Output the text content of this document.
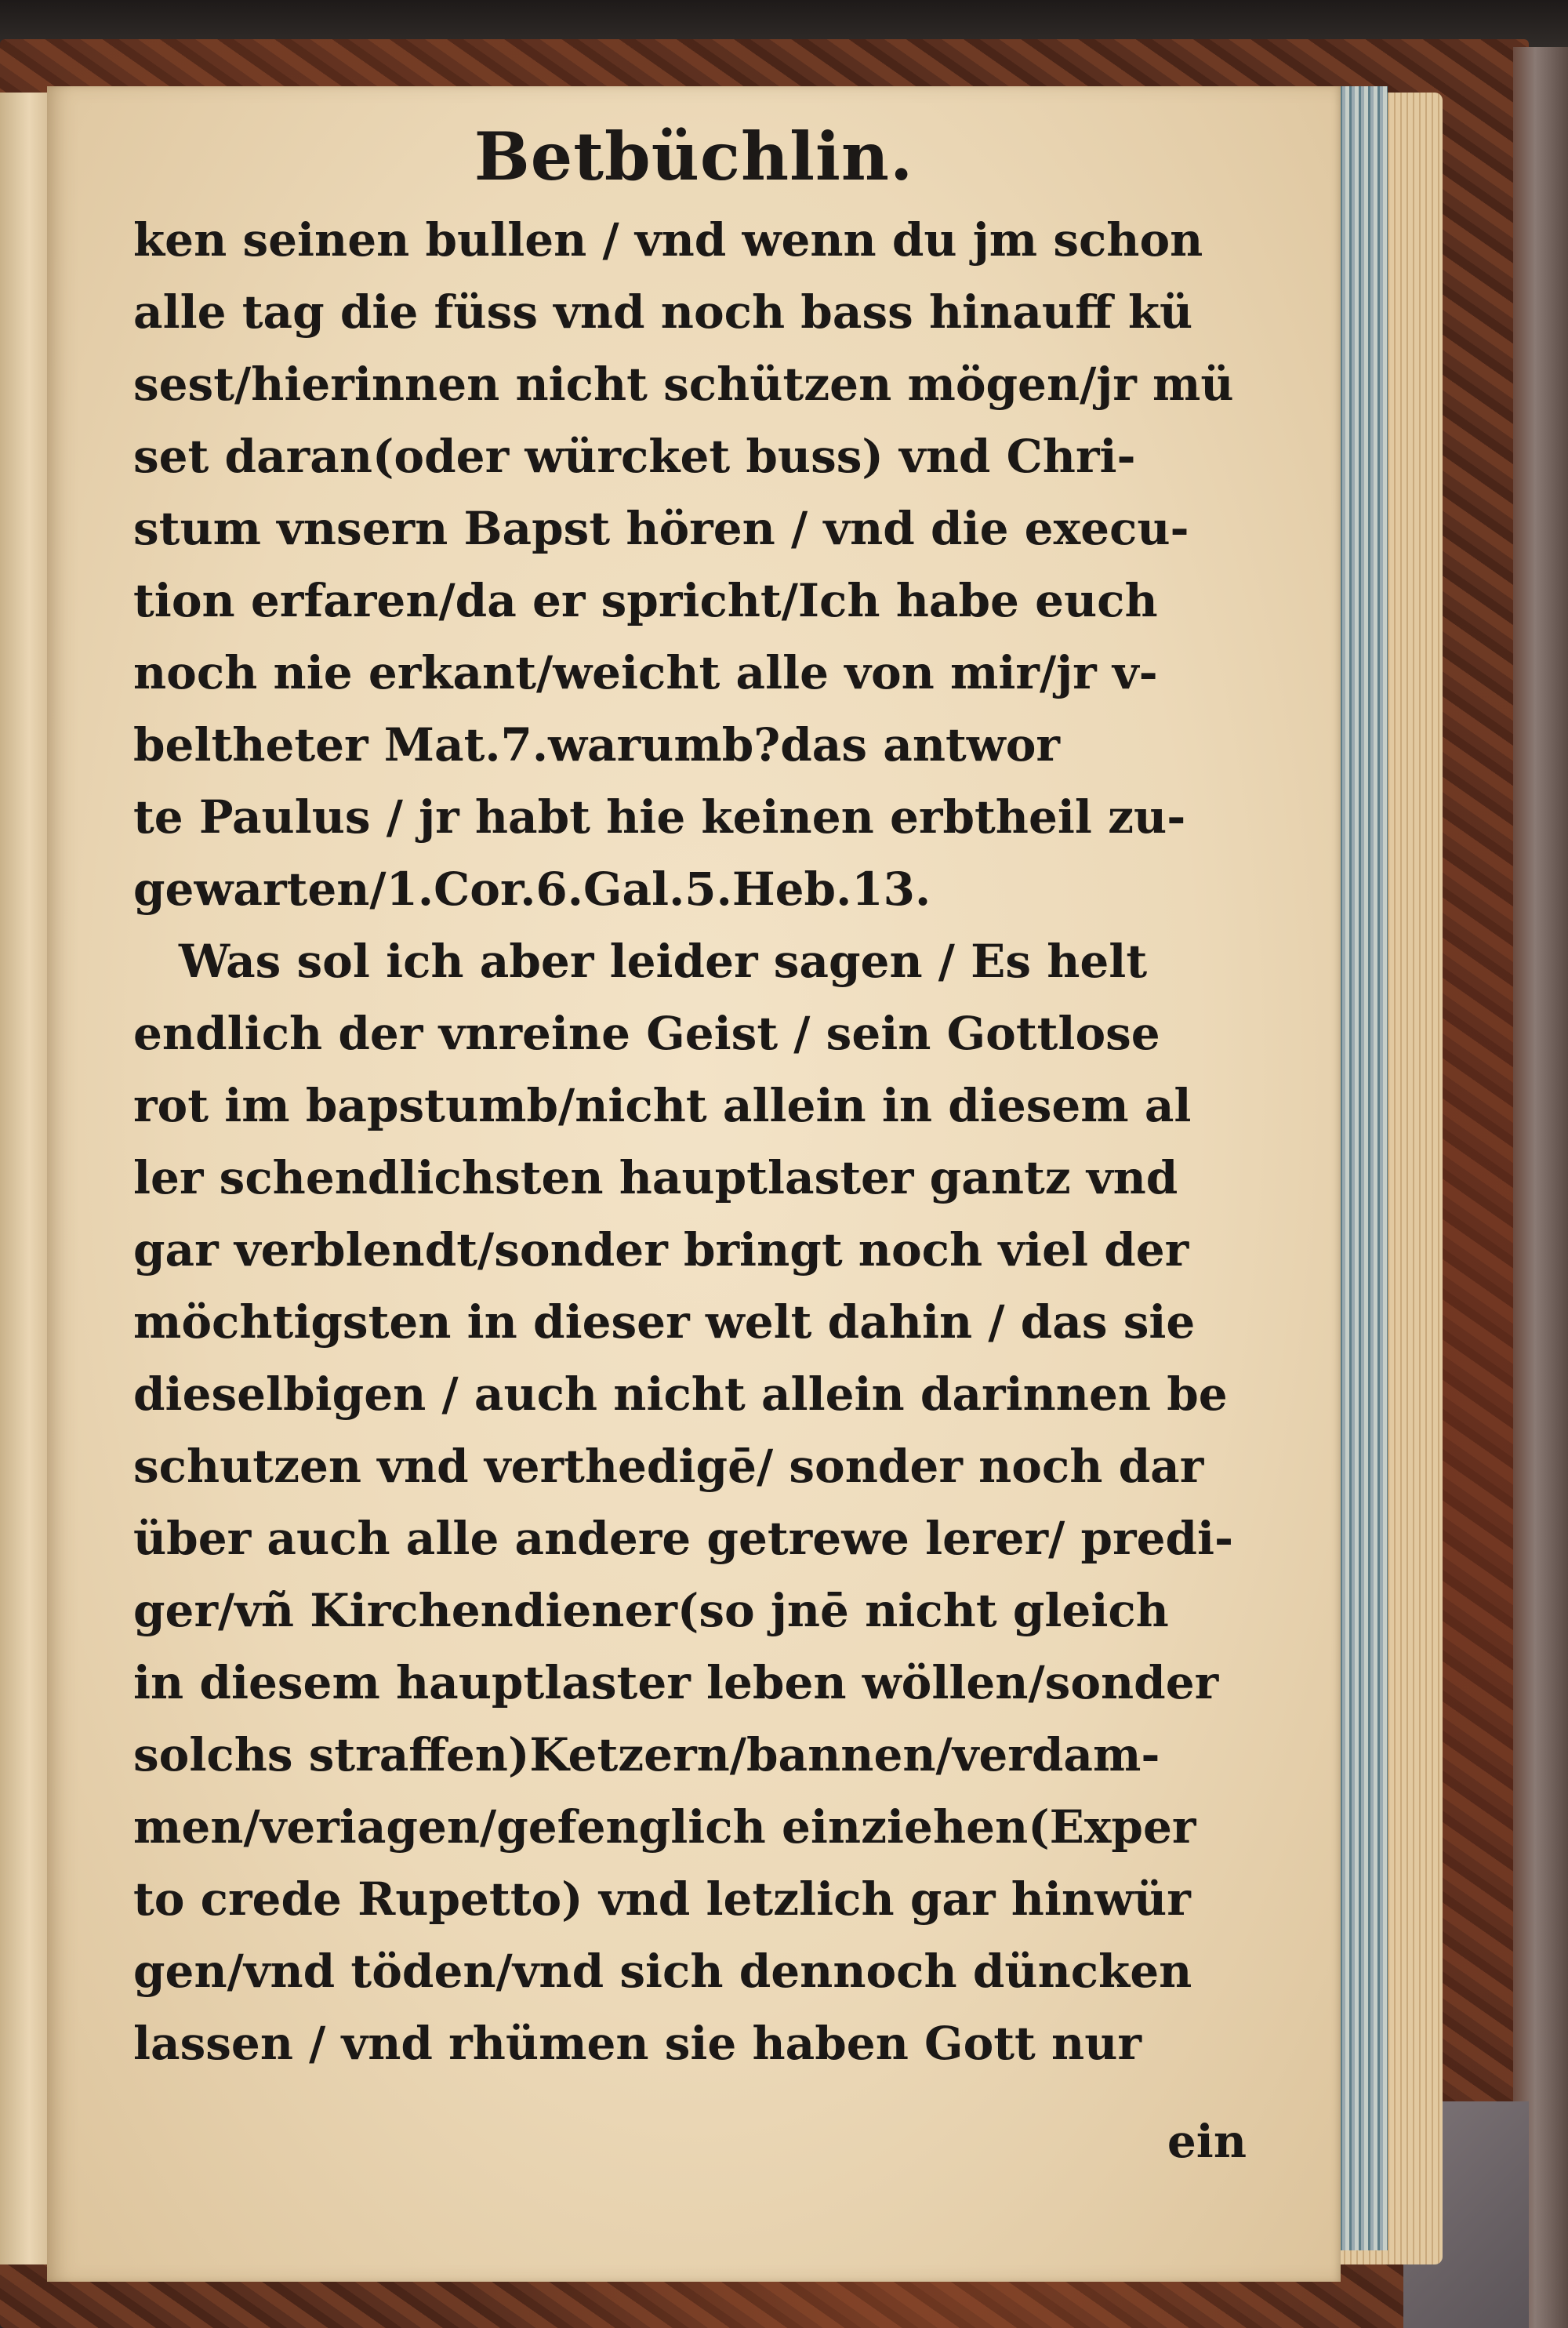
Betbüchlin.
ken seinen bullen / vnd wenn du jm schon
alle tag die füss vnd noch bass hinauff kü
sest/hierinnen nicht schützen mögen/jr mü
set daran(oder würcket buss) vnd Chri-
stum vnsern Bapst hören / vnd die execu-
tion erfaren/da er spricht/Ich habe euch
noch nie erkant/weicht alle von mir/jr v-
beltheter Mat.7.warumb?das antwor
te Paulus / jr habt hie keinen erbtheil zu-
gewarten/1.Cor.6.Gal.5.Heb.13.
Was sol ich aber leider sagen / Es helt
endlich der vnreine Geist / sein Gottlose
rot im bapstumb/nicht allein in diesem al
ler schendlichsten hauptlaster gantz vnd
gar verblendt/sonder bringt noch viel der
möchtigsten in dieser welt dahin / das sie
dieselbigen / auch nicht allein darinnen be
schutzen vnd verthedigē/ sonder noch dar
über auch alle andere getrewe lerer/ predi-
ger/vñ Kirchendiener(so jnē nicht gleich
in diesem hauptlaster leben wöllen/sonder
solchs straffen)Ketzern/bannen/verdam-
men/veriagen/gefenglich einziehen(Exper
to crede Rupetto) vnd letzlich gar hinwür
gen/vnd töden/vnd sich dennoch düncken
lassen / vnd rhümen sie haben Gott nur
ein
